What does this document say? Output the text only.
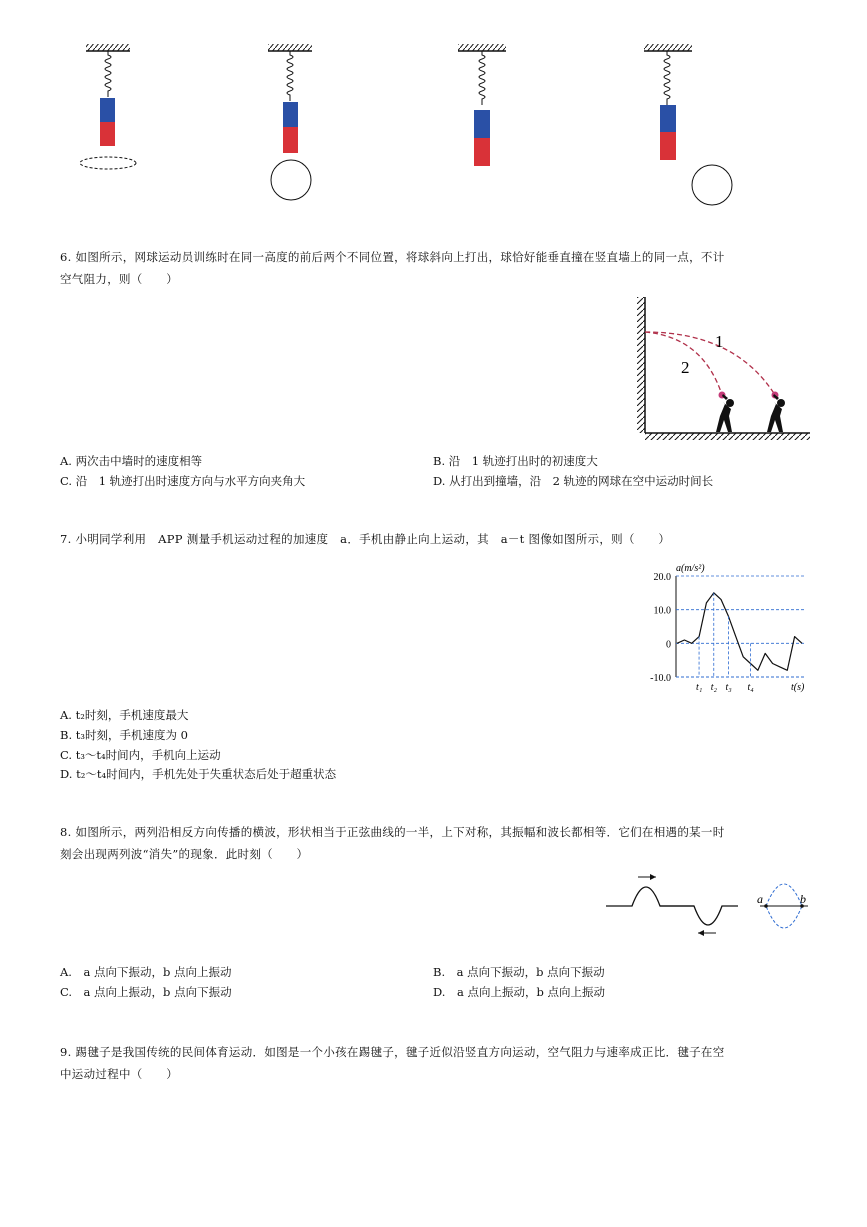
6. 如图所示，网球运动员训练时在同一高度的前后两个不同位置，将球斜向上打出，球恰好能垂直撞在竖直墙上的同一点，不计
空气阻力，则（　　）
1
2
A. 两次击中墙时的速度相等	B. 沿　1 轨迹打出时的初速度大
C. 沿　1 轨迹打出时速度方向与水平方向夹角大	D. 从打出到撞墙，沿　2 轨迹的网球在空中运动时间长
7. 小明同学利用　APP 测量手机运动过程的加速度　a．手机由静止向上运动，其　a－t 图像如图所示，则（　　）
20.0
10.0
0
-10.0
t₁ t₂ t₃ t₄
a(m/s²)
t(s)
A. t₂时刻，手机速度最大
B. t₃时刻，手机速度为 0
C. t₃～t₄时间内，手机向上运动
D. t₂～t₄时间内，手机先处于失重状态后处于超重状态
8. 如图所示，两列沿相反方向传播的横波，形状相当于正弦曲线的一半，上下对称，其振幅和波长都相等．它们在相遇的某一时
刻会出现两列波“消失”的现象．此时刻（　　）
a	b
A.　a 点向下振动，b 点向上振动	B.　a 点向下振动，b 点向下振动
C.　a 点向上振动，b 点向下振动	D.　a 点向上振动，b 点向上振动
9. 踢毽子是我国传统的民间体育运动．如图是一个小孩在踢毽子，毽子近似沿竖直方向运动，空气阻力与速率成正比．毽子在空
中运动过程中（　　）
